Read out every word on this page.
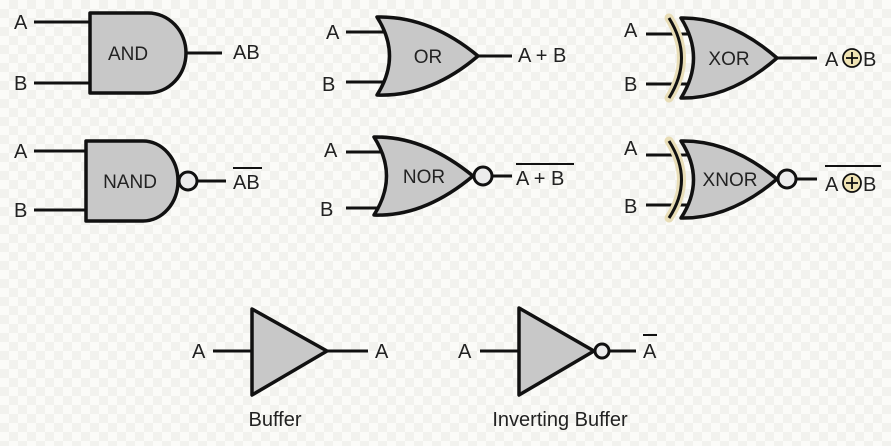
AND
A
B
AB	OR
A
B
A + B	XOR
A
B
A B
NAND
A
B
AB	NOR
A
B
A + B	XNOR
A
B
A B
A	A
Buffer
A	A
Inverting Buffer
